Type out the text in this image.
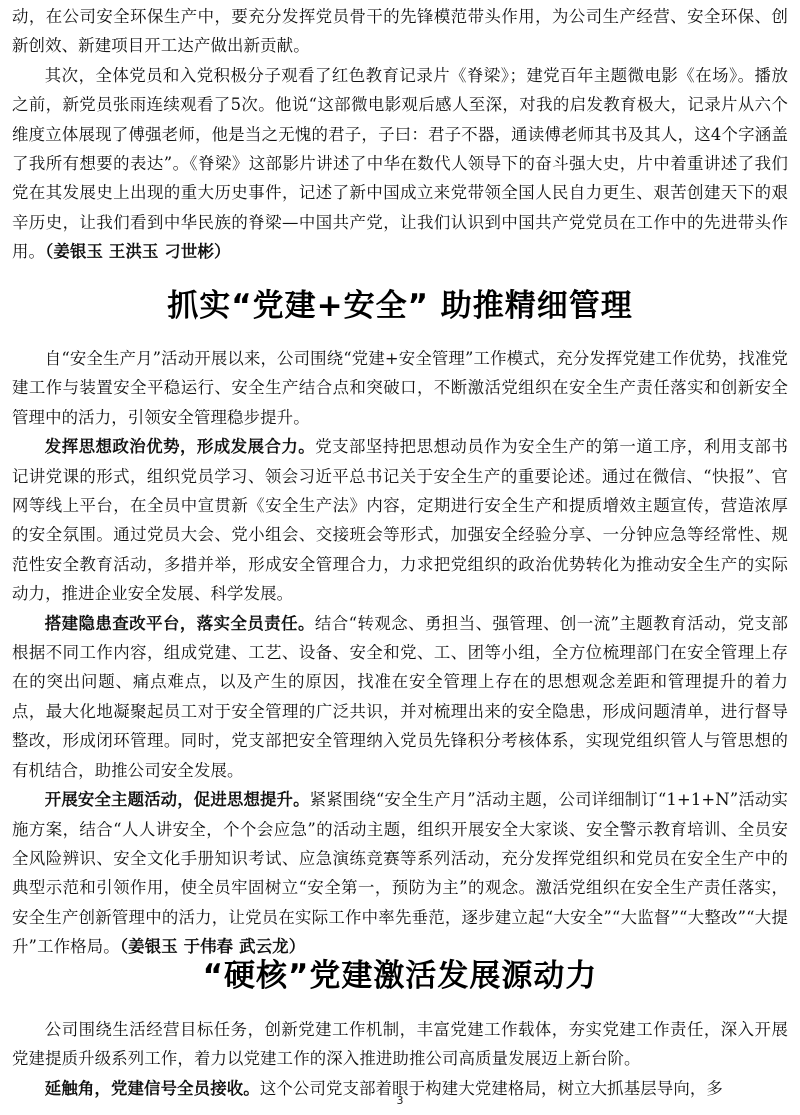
动，在公司安全环保生产中，要充分发挥党员骨干的先锋模范带头作用，为公司生产经营、安全环保、创新创效、新建项目开工达产做出新贡献。

其次，全体党员和入党积极分子观看了红色教育记录片《脊梁》；建党百年主题微电影《在场》。播放之前，新党员张雨连续观看了5次。他说“这部微电影观后感人至深，对我的启发教育极大，记录片从六个维度立体展现了傅强老师，他是当之无愧的君子，子曰：君子不器，通读傅老师其书及其人，这4个字涵盖了我所有想要的表达”。《脊梁》这部影片讲述了中华在数代人领导下的奋斗强大史，片中着重讲述了我们党在其发展史上出现的重大历史事件，记述了新中国成立来党带领全国人民自力更生、艰苦创建天下的艰辛历史，让我们看到中华民族的脊梁—中国共产党，让我们认识到中国共产党党员在工作中的先进带头作用。（姜银玉 王洪玉 刁世彬）

抓实“党建+安全” 助推精细管理

自“安全生产月”活动开展以来，公司围绕“党建+安全管理”工作模式，充分发挥党建工作优势，找准党建工作与装置安全平稳运行、安全生产结合点和突破口，不断激活党组织在安全生产责任落实和创新安全管理中的活力，引领安全管理稳步提升。

发挥思想政治优势，形成发展合力。党支部坚持把思想动员作为安全生产的第一道工序，利用支部书记讲党课的形式，组织党员学习、领会习近平总书记关于安全生产的重要论述。通过在微信、“快报”、官网等线上平台，在全员中宣贯新《安全生产法》内容，定期进行安全生产和提质增效主题宣传，营造浓厚的安全氛围。通过党员大会、党小组会、交接班会等形式，加强安全经验分享、一分钟应急等经常性、规范性安全教育活动，多措并举，形成安全管理合力，力求把党组织的政治优势转化为推动安全生产的实际动力，推进企业安全发展、科学发展。

搭建隐患查改平台，落实全员责任。结合“转观念、勇担当、强管理、创一流”主题教育活动，党支部根据不同工作内容，组成党建、工艺、设备、安全和党、工、团等小组，全方位梳理部门在安全管理上存在的突出问题、痛点难点，以及产生的原因，找准在安全管理上存在的思想观念差距和管理提升的着力点，最大化地凝聚起员工对于安全管理的广泛共识，并对梳理出来的安全隐患，形成问题清单，进行督导整改，形成闭环管理。同时，党支部把安全管理纳入党员先锋积分考核体系，实现党组织管人与管思想的有机结合，助推公司安全发展。

开展安全主题活动，促进思想提升。紧紧围绕“安全生产月”活动主题，公司详细制订“1+1+N”活动实施方案，结合“人人讲安全，个个会应急”的活动主题，组织开展安全大家谈、安全警示教育培训、全员安全风险辨识、安全文化手册知识考试、应急演练竞赛等系列活动，充分发挥党组织和党员在安全生产中的典型示范和引领作用，使全员牢固树立“安全第一，预防为主”的观念。激活党组织在安全生产责任落实，安全生产创新管理中的活力，让党员在实际工作中率先垂范，逐步建立起“大安全”“大监督”“大整改”“大提升”工作格局。（姜银玉 于伟春 武云龙）

“硬核”党建激活发展源动力

公司围绕生活经营目标任务，创新党建工作机制，丰富党建工作载体，夯实党建工作责任，深入开展党建提质升级系列工作，着力以党建工作的深入推进助推公司高质量发展迈上新台阶。

延触角，党建信号全员接收。这个公司党支部着眼于构建大党建格局，树立大抓基层导向，多

3
